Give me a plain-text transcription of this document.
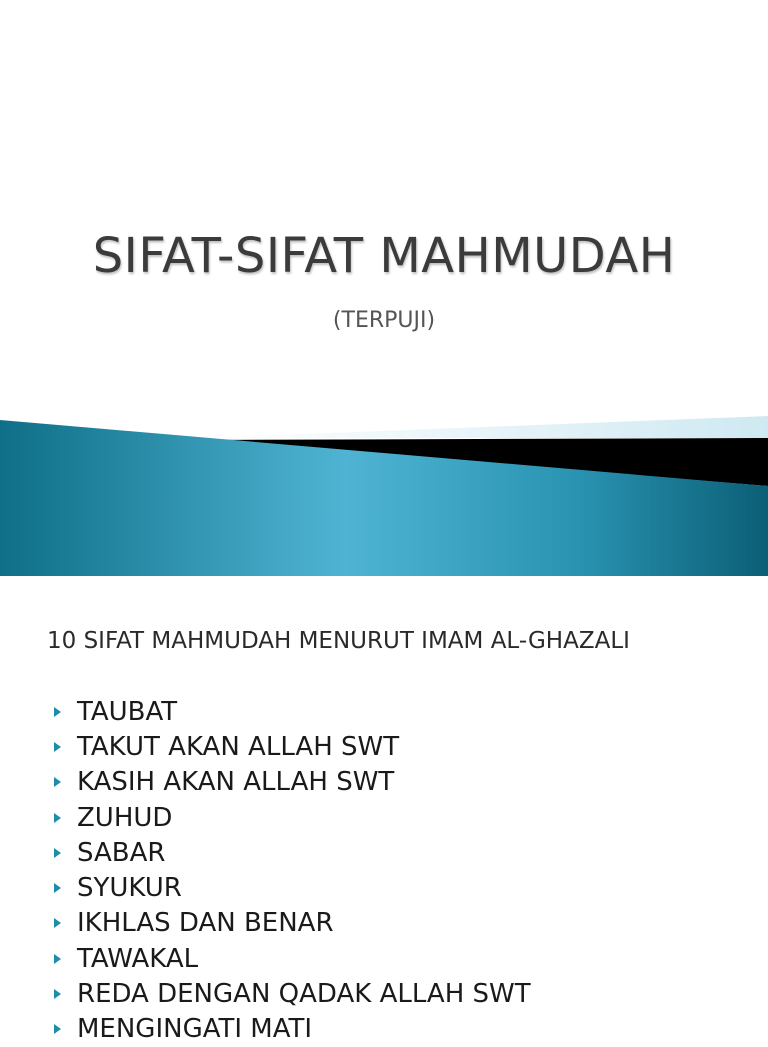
SIFAT-SIFAT MAHMUDAH
(TERPUJI)
10 SIFAT MAHMUDAH MENURUT IMAM AL-GHAZALI
TAUBAT
TAKUT AKAN ALLAH SWT
KASIH AKAN ALLAH SWT
ZUHUD
SABAR
SYUKUR
IKHLAS DAN BENAR
TAWAKAL
REDA DENGAN QADAK ALLAH SWT
MENGINGATI MATI
